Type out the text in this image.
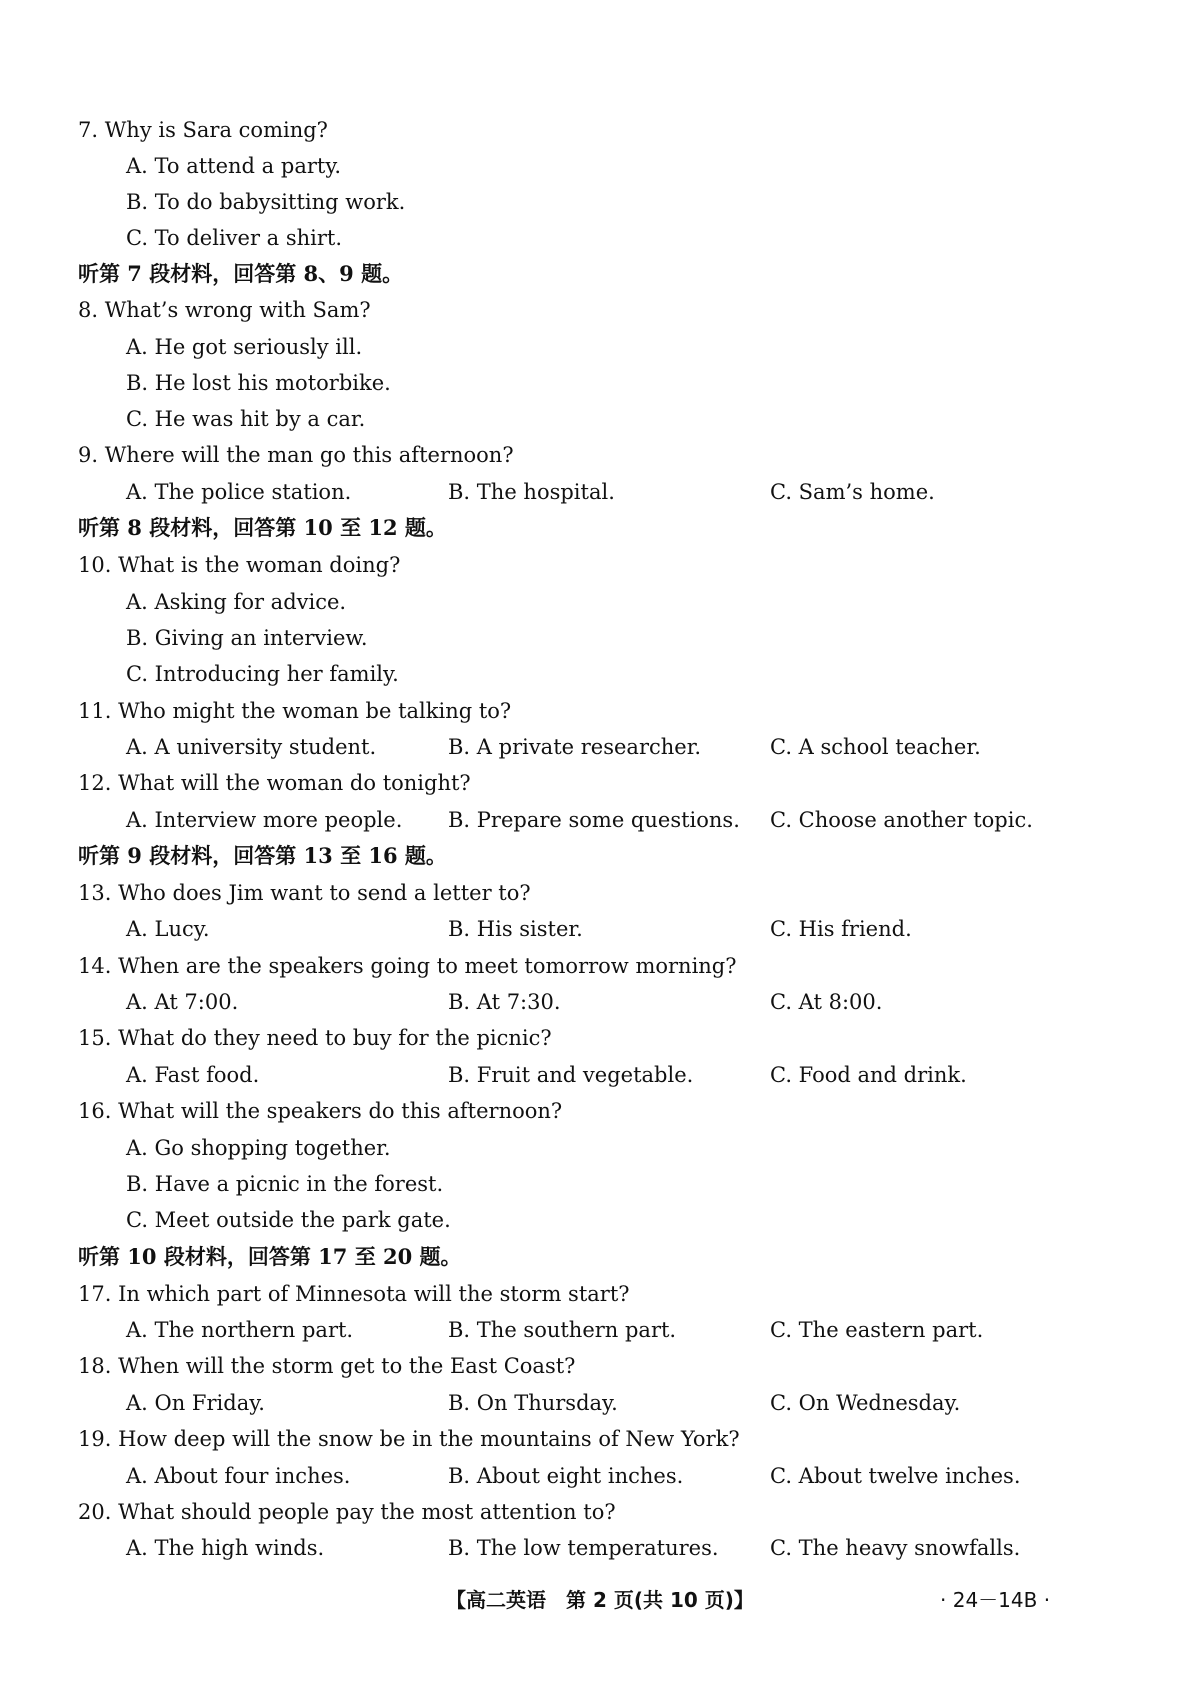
7. Why is Sara coming?
A. To attend a party.
B. To do babysitting work.
C. To deliver a shirt.
听第 7 段材料，回答第 8、9 题。
8. What’s wrong with Sam?
A. He got seriously ill.
B. He lost his motorbike.
C. He was hit by a car.
9. Where will the man go this afternoon?
A. The police station.	B. The hospital.	C. Sam’s home.
听第 8 段材料，回答第 10 至 12 题。
10. What is the woman doing?
A. Asking for advice.
B. Giving an interview.
C. Introducing her family.
11. Who might the woman be talking to?
A. A university student.	B. A private researcher.	C. A school teacher.
12. What will the woman do tonight?
A. Interview more people. B. Prepare some questions. C. Choose another topic.
听第 9 段材料，回答第 13 至 16 题。
13. Who does Jim want to send a letter to?
A. Lucy.	B. His sister.	C. His friend.
14. When are the speakers going to meet tomorrow morning?
A. At 7:00.	B. At 7:30.	C. At 8:00.
15. What do they need to buy for the picnic?
A. Fast food.	B. Fruit and vegetable.	C. Food and drink.
16. What will the speakers do this afternoon?
A. Go shopping together.
B. Have a picnic in the forest.
C. Meet outside the park gate.
听第 10 段材料，回答第 17 至 20 题。
17. In which part of Minnesota will the storm start?
A. The northern part.	B. The southern part.	C. The eastern part.
18. When will the storm get to the East Coast?
A. On Friday.	B. On Thursday.	C. On Wednesday.
19. How deep will the snow be in the mountains of New York?
A. About four inches.	B. About eight inches.	C. About twelve inches.
20. What should people pay the most attention to?
A. The high winds.	B. The low temperatures. C. The heavy snowfalls.
【高二英语　第 2 页(共 10 页)】	· 24－14B ·
